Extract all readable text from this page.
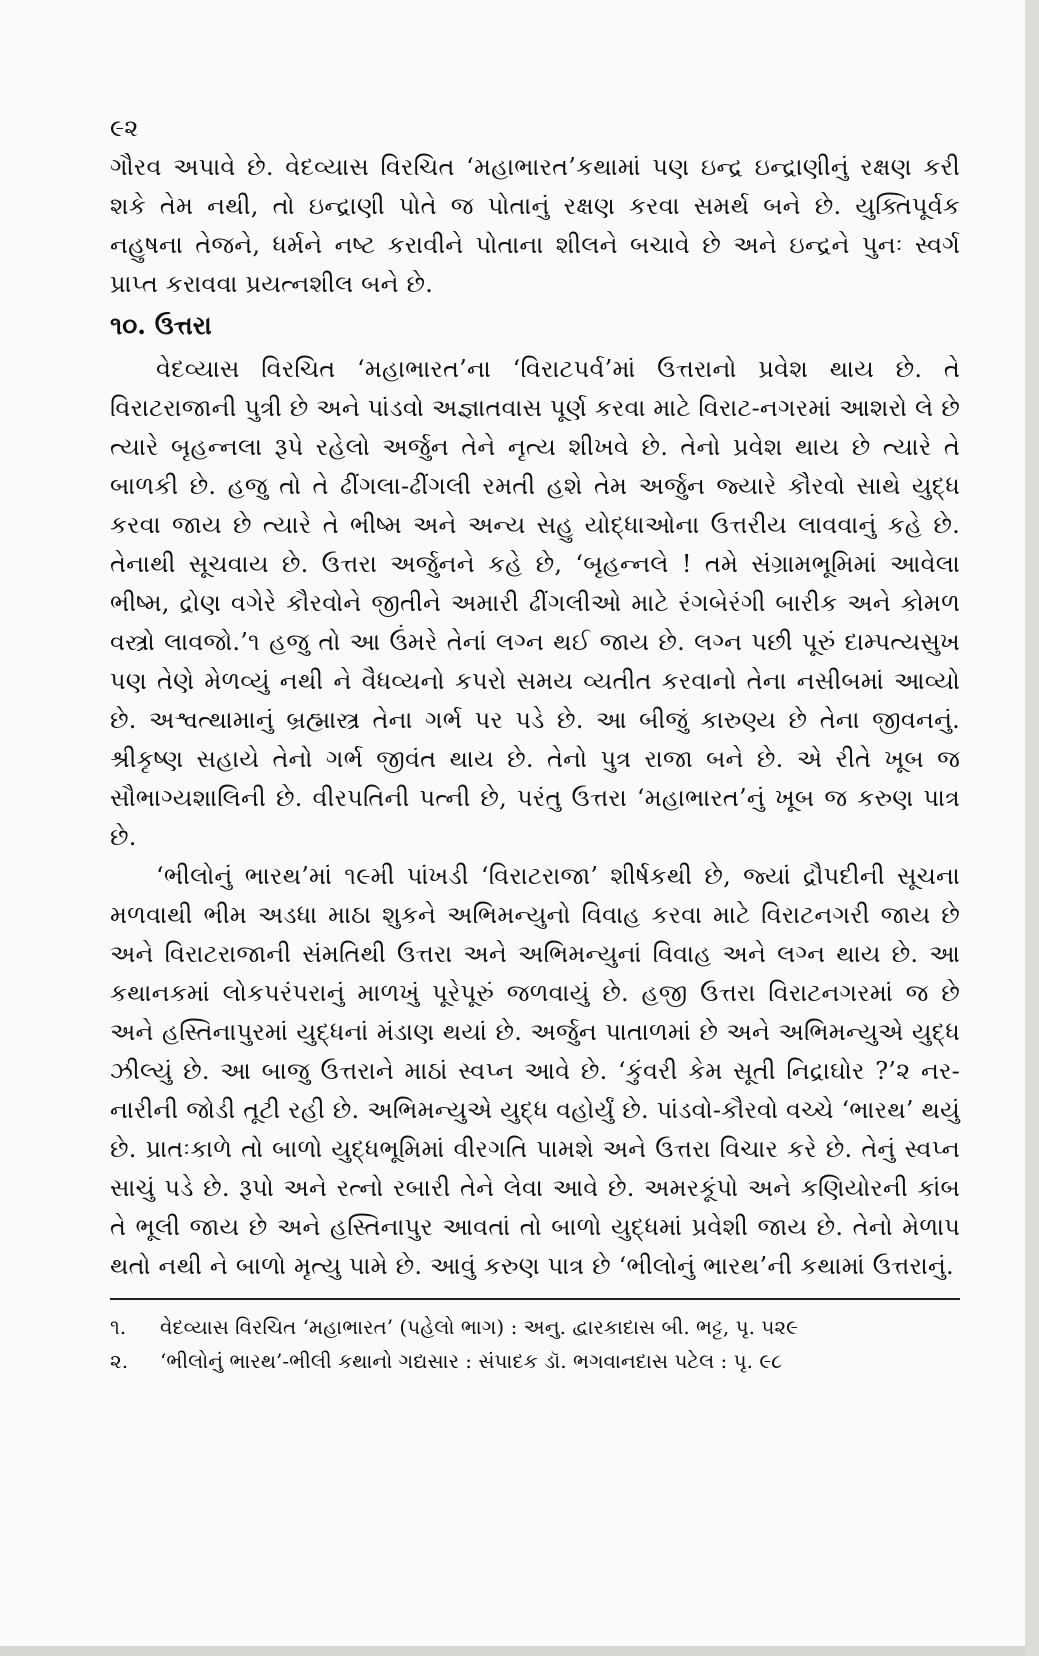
૯૨

ગૌરવ અપાવે છે. વેદવ્યાસ વિરચિત ‘મહાભારત’કથામાં પણ ઇન્દ્ર ઇન્દ્રાણીનું રક્ષણ કરી શકે તેમ નથી, તો ઇન્દ્રાણી પોતે જ પોતાનું રક્ષણ કરવા સમર્થ બને છે. યુક્તિપૂર્વક નહુષના તેજને, ધર્મને નષ્ટ કરાવીને પોતાના શીલને બચાવે છે અને ઇન્દ્રને પુનઃ સ્વર્ગ પ્રાપ્ત કરાવવા પ્રયત્નશીલ બને છે.

૧૦. ઉત્તરા

વેદવ્યાસ વિરચિત ‘મહાભારત’ના ‘વિરાટપર્વ’માં ઉત્તરાનો પ્રવેશ થાય છે. તે વિરાટરાજાની પુત્રી છે અને પાંડવો અજ્ઞાતવાસ પૂર્ણ કરવા માટે વિરાટ-નગરમાં આશરો લે છે ત્યારે બૃહન્નલા રૂપે રહેલો અર્જુન તેને નૃત્ય શીખવે છે. તેનો પ્રવેશ થાય છે ત્યારે તે બાળકી છે. હજુ તો તે ઢીંગલા-ઢીંગલી રમતી હશે તેમ અર્જુન જ્યારે કૌરવો સાથે યુદ્ધ કરવા જાય છે ત્યારે તે ભીષ્મ અને અન્ય સહુ યોદ્ધાઓના ઉત્તરીય લાવવાનું કહે છે. તેનાથી સૂચવાય છે. ઉત્તરા અર્જુનને કહે છે, ‘બૃહન્નલે ! તમે સંગ્રામભૂમિમાં આવેલા ભીષ્મ, દ્રોણ વગેરે કૌરવોને જીતીને અમારી ઢીંગલીઓ માટે રંગબેરંગી બારીક અને કોમળ વસ્ત્રો લાવજો.’૧ હજુ તો આ ઉંમરે તેનાં લગ્ન થઈ જાય છે. લગ્ન પછી પૂરું દામ્પત્યસુખ પણ તેણે મેળવ્યું નથી ને વૈધવ્યનો કપરો સમય વ્યતીત કરવાનો તેના નસીબમાં આવ્યો છે. અશ્વત્થામાનું બ્રહ્માસ્ત્ર તેના ગર્ભ પર પડે છે. આ બીજું કારુણ્ય છે તેના જીવનનું. શ્રીકૃષ્ણ સહાયે તેનો ગર્ભ જીવંત થાય છે. તેનો પુત્ર રાજા બને છે. એ રીતે ખૂબ જ સૌભાગ્યશાલિની છે. વીરપતિની પત્ની છે, પરંતુ ઉત્તરા ‘મહાભારત’નું ખૂબ જ કરુણ પાત્ર છે.

‘ભીલોનું ભારથ’માં ૧૯મી પાંખડી ‘વિરાટરાજા’ શીર્ષકથી છે, જ્યાં દ્રૌપદીની સૂચના મળવાથી ભીમ અડધા માઠા શુકને અભિમન્યુનો વિવાહ કરવા માટે વિરાટનગરી જાય છે અને વિરાટરાજાની સંમતિથી ઉત્તરા અને અભિમન્યુનાં વિવાહ અને લગ્ન થાય છે. આ કથાનકમાં લોકપરંપરાનું માળખું પૂરેપૂરું જળવાયું છે. હજી ઉત્તરા વિરાટનગરમાં જ છે અને હસ્તિનાપુરમાં યુદ્ધનાં મંડાણ થયાં છે. અર્જુન પાતાળમાં છે અને અભિમન્યુએ યુદ્ધ ઝીલ્યું છે. આ બાજુ ઉત્તરાને માઠાં સ્વપ્ન આવે છે. ‘કુંવરી કેમ સૂતી નિદ્રાઘોર ?’૨ નર-નારીની જોડી તૂટી રહી છે. અભિમન્યુએ યુદ્ધ વહોર્યું છે. પાંડવો-કૌરવો વચ્ચે ‘ભારથ’ થયું છે. પ્રાતઃકાળે તો બાળો યુદ્ધભૂમિમાં વીરગતિ પામશે અને ઉત્તરા વિચાર કરે છે. તેનું સ્વપ્ન સાચું પડે છે. રૂપો અને રત્નો રબારી તેને લેવા આવે છે. અમરકૂંપો અને કણિયોરની કાંબ તે ભૂલી જાય છે અને હસ્તિનાપુર આવતાં તો બાળો યુદ્ધમાં પ્રવેશી જાય છે. તેનો મેળાપ થતો નથી ને બાળો મૃત્યુ પામે છે. આવું કરુણ પાત્ર છે ‘ભીલોનું ભારથ’ની કથામાં ઉત્તરાનું.

૧.	વેદવ્યાસ વિરચિત ‘મહાભારત’ (પહેલો ભાગ) : અનુ. દ્વારકાદાસ બી. ભટ્ટ, પૃ. ૫૨૯
૨.	‘ભીલોનું ભારથ’-ભીલી કથાનો ગદ્યસાર : સંપાદક ડૉ. ભગવાનદાસ પટેલ : પૃ. ૯૮
